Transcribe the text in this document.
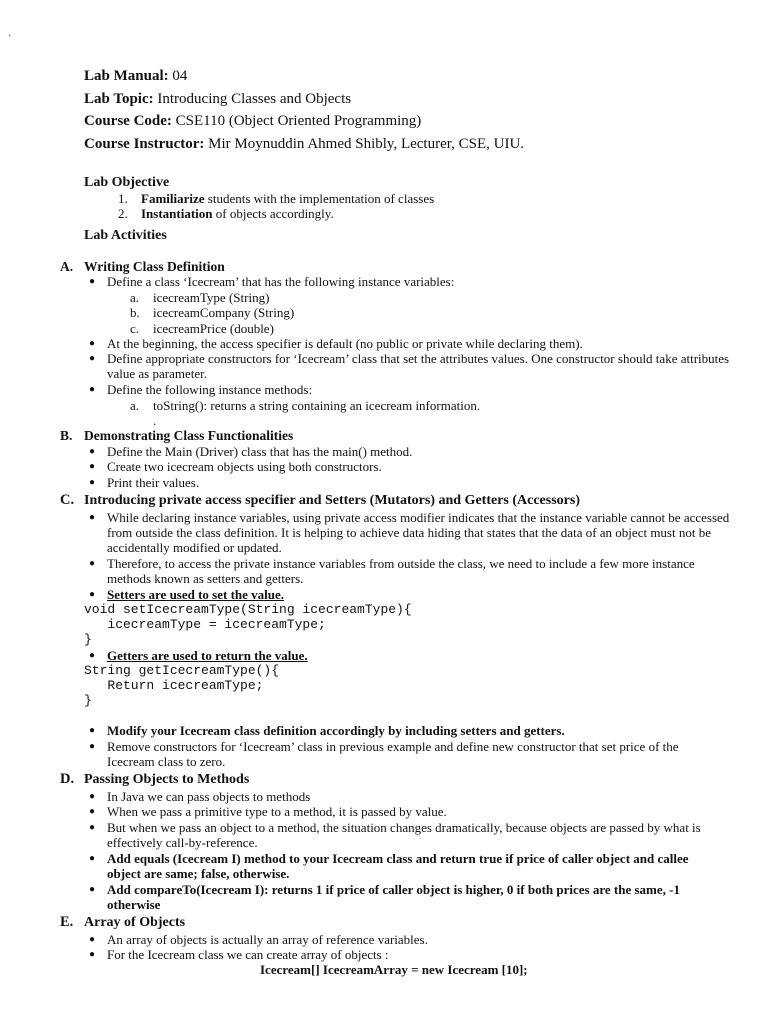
'
Lab Manual: 04
Lab Topic: Introducing Classes and Objects
Course Code: CSE110 (Object Oriented Programming)
Course Instructor: Mir Moynuddin Ahmed Shibly, Lecturer, CSE, UIU.
Lab Objective
1. Familiarize students with the implementation of classes
2. Instantiation of objects accordingly.
Lab Activities
A. Writing Class Definition
● Define a class ‘Icecream’ that has the following instance variables:
a. icecreamType (String)
b. icecreamCompany (String)
c. icecreamPrice (double)
● At the beginning, the access specifier is default (no public or private while declaring them).
● Define appropriate constructors for ‘Icecream’ class that set the attributes values. One constructor should take attributes value as parameter.
● Define the following instance methods:
a. toString(): returns a string containing an icecream information.
.
B. Demonstrating Class Functionalities
● Define the Main (Driver) class that has the main() method.
● Create two icecream objects using both constructors.
● Print their values.
C. Introducing private access specifier and Setters (Mutators) and Getters (Accessors)
● While declaring instance variables, using private access modifier indicates that the instance variable cannot be accessed from outside the class definition. It is helping to achieve data hiding that states that the data of an object must not be accidentally modified or updated.
● Therefore, to access the private instance variables from outside the class, we need to include a few more instance methods known as setters and getters.
● Setters are used to set the value.
void setIcecreamType(String icecreamType){
icecreamType = icecreamType;
}
● Getters are used to return the value.
String getIcecreamType(){
Return icecreamType;
}
● Modify your Icecream class definition accordingly by including setters and getters.
● Remove constructors for ‘Icecream’ class in previous example and define new constructor that set price of the Icecream class to zero.
D. Passing Objects to Methods
● In Java we can pass objects to methods
● When we pass a primitive type to a method, it is passed by value.
● But when we pass an object to a method, the situation changes dramatically, because objects are passed by what is effectively call-by-reference.
● Add equals (Icecream I) method to your Icecream class and return true if price of caller object and callee object are same; false, otherwise.
● Add compareTo(Icecream I): returns 1 if price of caller object is higher, 0 if both prices are the same, -1 otherwise
E. Array of Objects
● An array of objects is actually an array of reference variables.
● For the Icecream class we can create array of objects :
Icecream[] IcecreamArray = new Icecream [10];
